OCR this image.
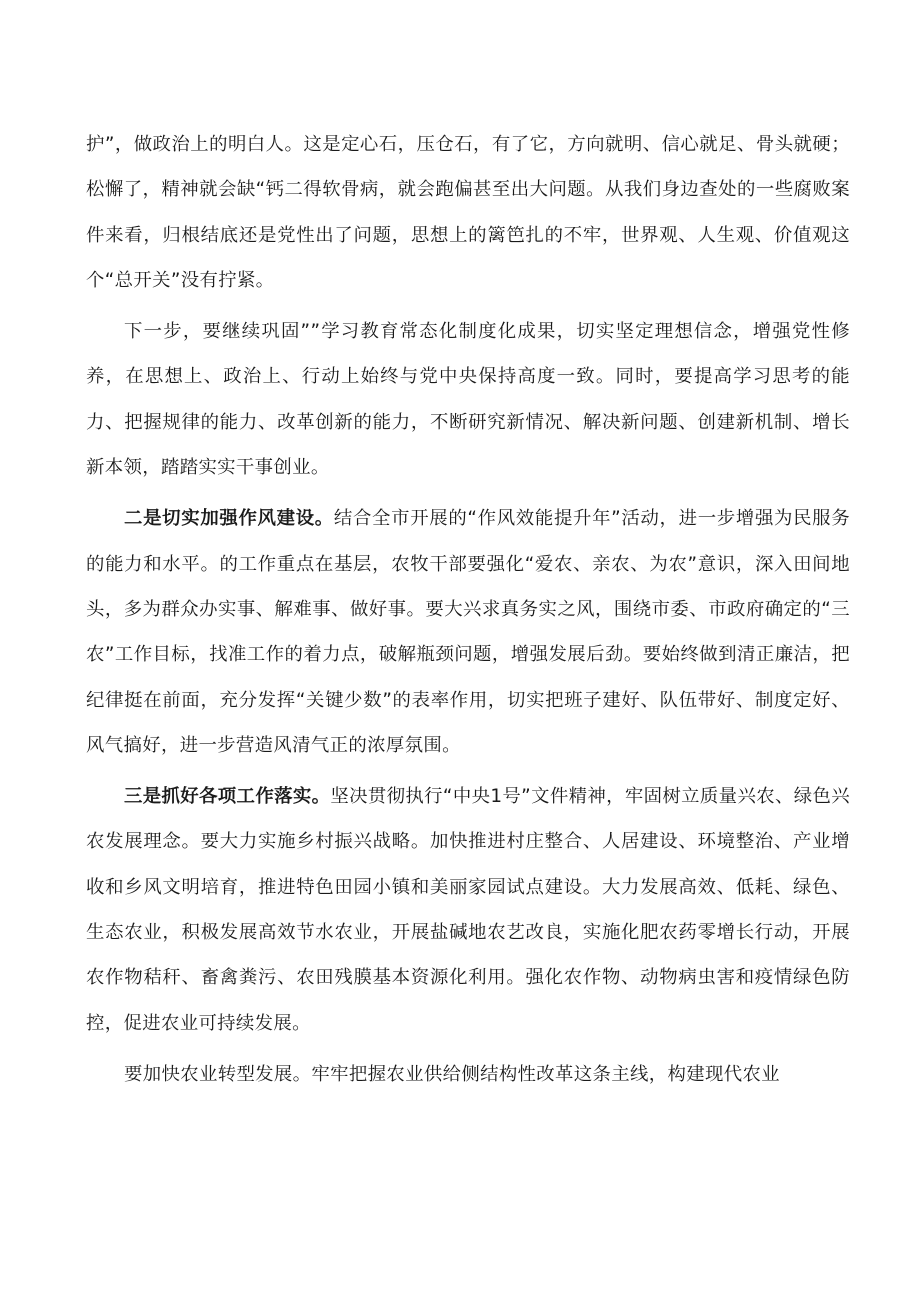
护”，做政治上的明白人。这是定心石，压仓石，有了它，方向就明、信心就足、骨头就硬；松懈了，精神就会缺“钙二得软骨病，就会跑偏甚至出大问题。从我们身边查处的一些腐败案件来看，归根结底还是党性出了问题，思想上的篱笆扎的不牢，世界观、人生观、价值观这个“总开关”没有拧紧。

下一步，要继续巩固””学习教育常态化制度化成果，切实坚定理想信念，增强党性修养，在思想上、政治上、行动上始终与党中央保持高度一致。同时，要提高学习思考的能力、把握规律的能力、改革创新的能力，不断研究新情况、解决新问题、创建新机制、增长新本领，踏踏实实干事创业。

二是切实加强作风建设。结合全市开展的“作风效能提升年”活动，进一步增强为民服务的能力和水平。的工作重点在基层，农牧干部要强化“爱农、亲农、为农”意识，深入田间地头，多为群众办实事、解难事、做好事。要大兴求真务实之风，围绕市委、市政府确定的“三农”工作目标，找准工作的着力点，破解瓶颈问题，增强发展后劲。要始终做到清正廉洁，把纪律挺在前面，充分发挥“关键少数”的表率作用，切实把班子建好、队伍带好、制度定好、风气搞好，进一步营造风清气正的浓厚氛围。

三是抓好各项工作落实。坚决贯彻执行“中央1号”文件精神，牢固树立质量兴农、绿色兴农发展理念。要大力实施乡村振兴战略。加快推进村庄整合、人居建设、环境整治、产业增收和乡风文明培育，推进特色田园小镇和美丽家园试点建设。大力发展高效、低耗、绿色、生态农业，积极发展高效节水农业，开展盐碱地农艺改良，实施化肥农药零增长行动，开展农作物秸秆、畜禽粪污、农田残膜基本资源化利用。强化农作物、动物病虫害和疫情绿色防控，促进农业可持续发展。

要加快农业转型发展。牢牢把握农业供给侧结构性改革这条主线，构建现代农业
